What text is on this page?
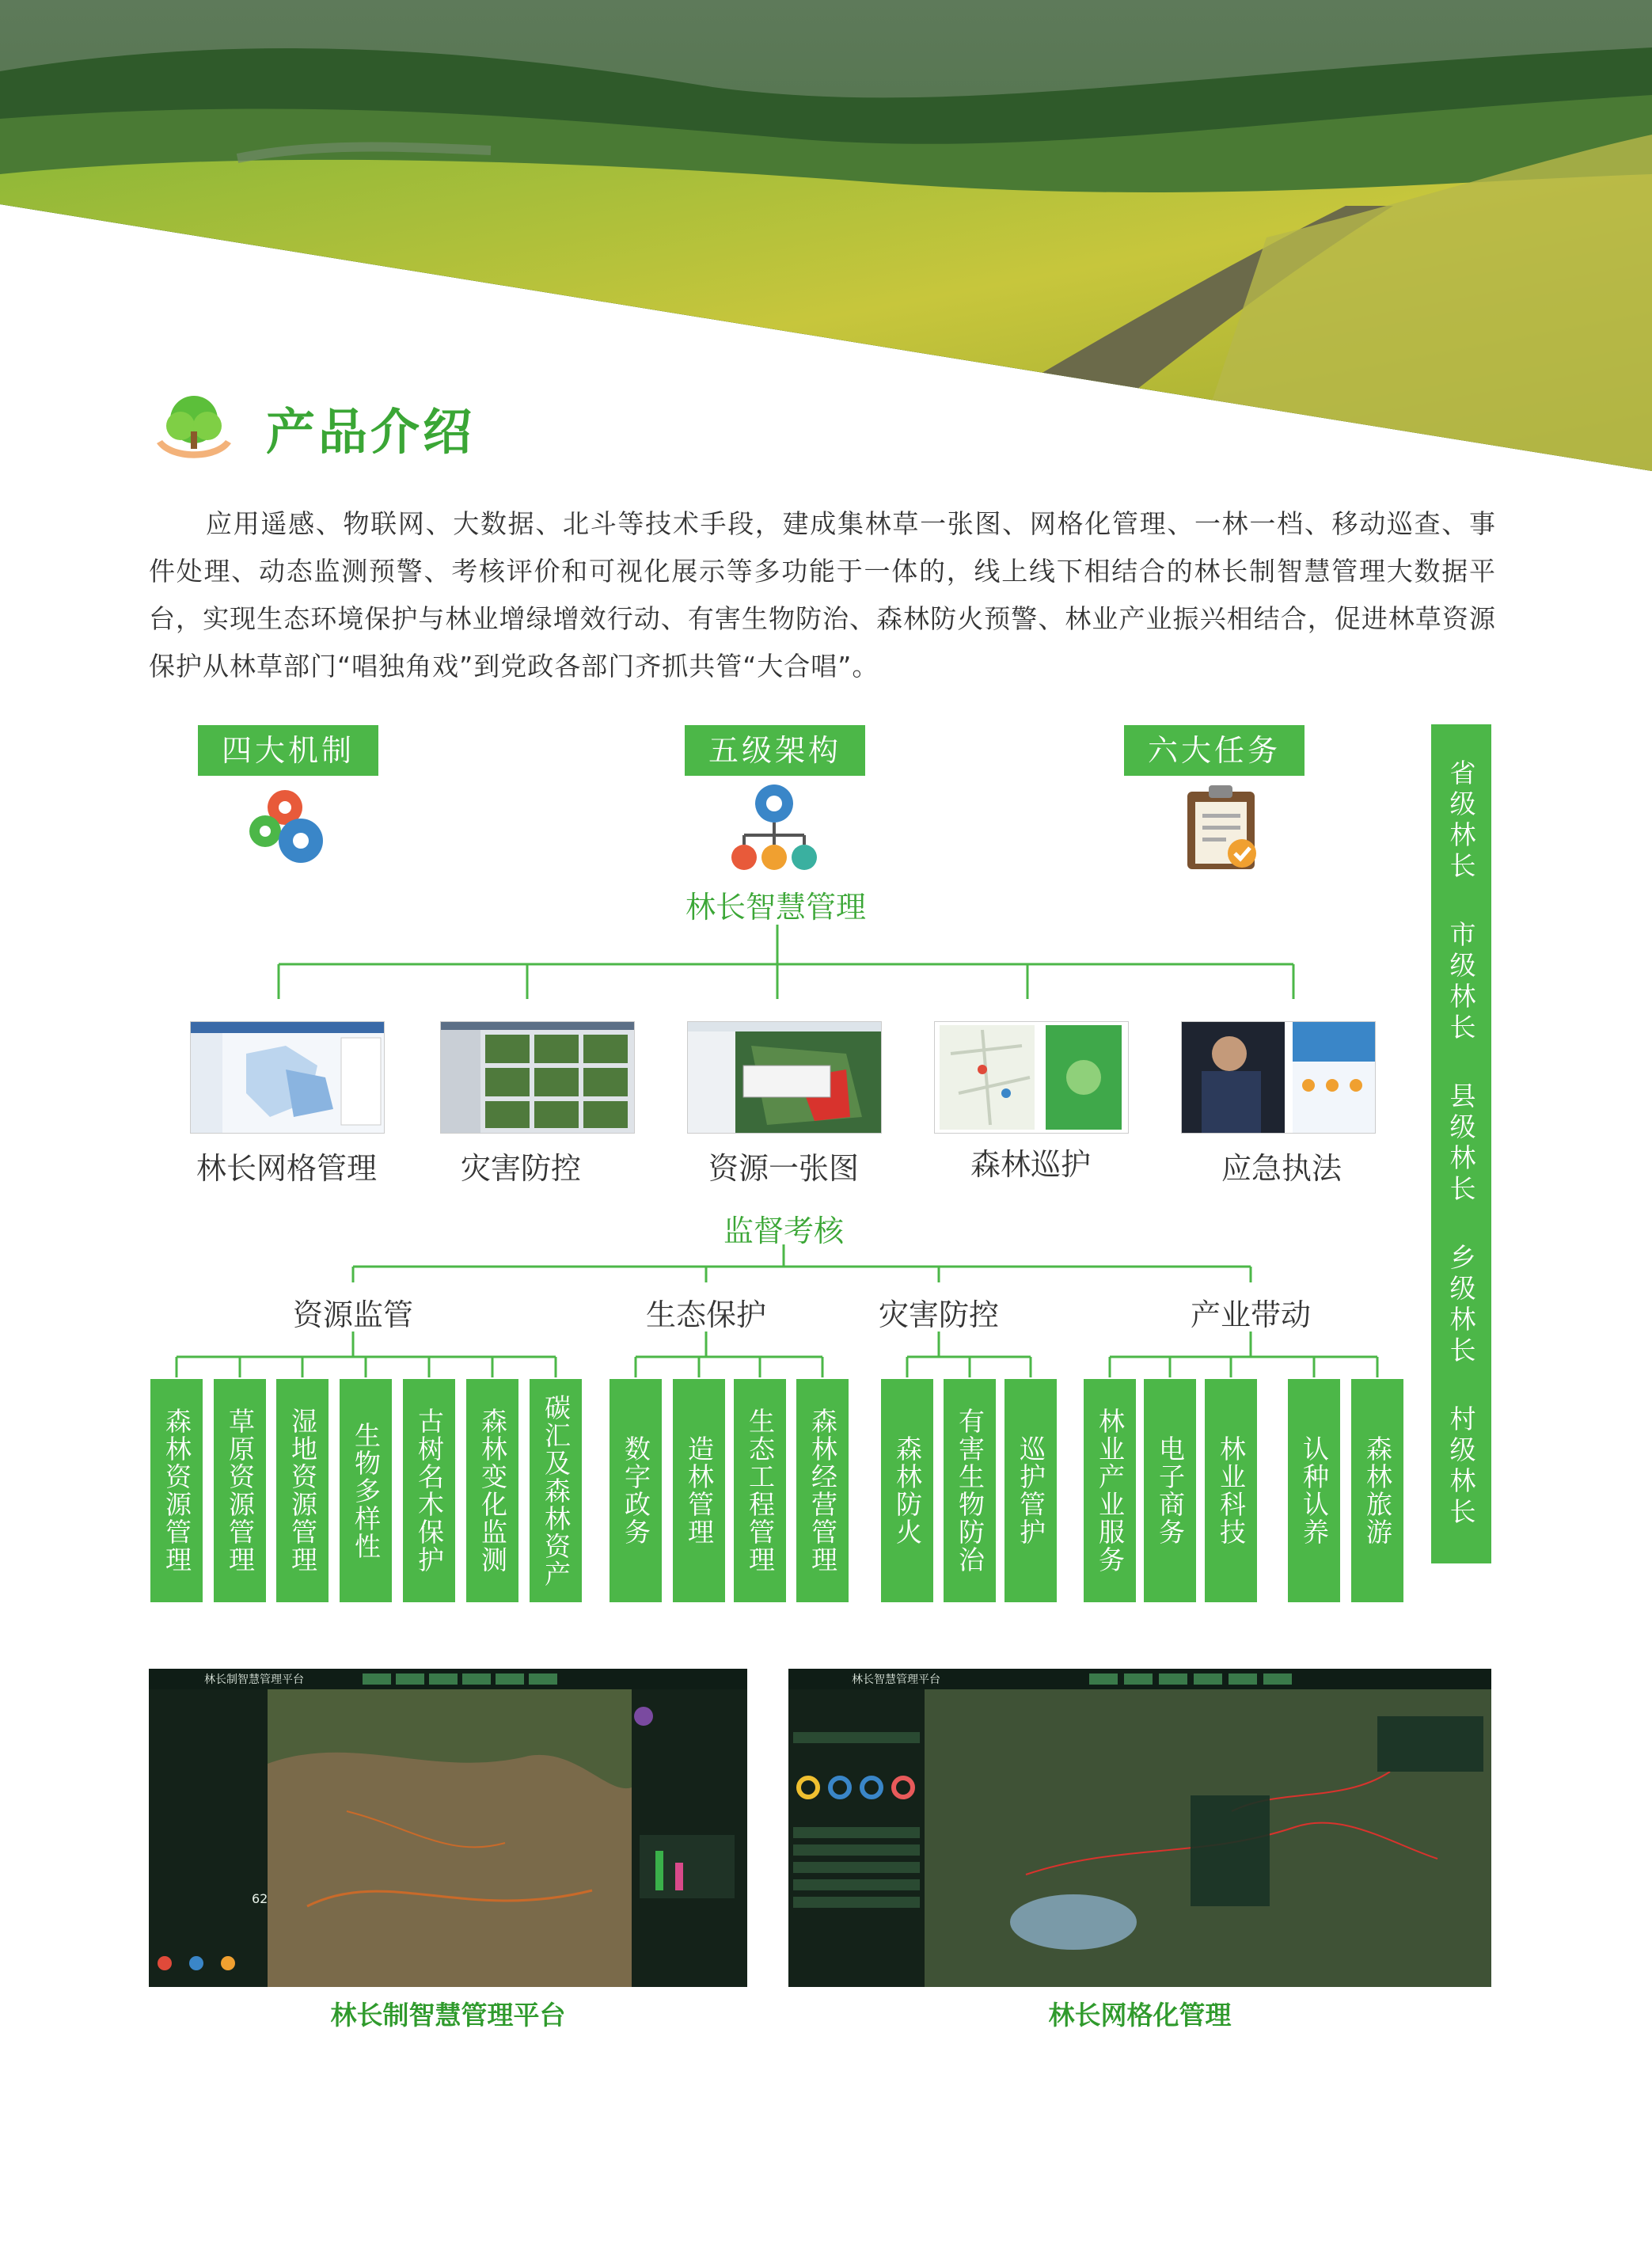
产品介绍
应用遥感、物联网、大数据、北斗等技术手段，建成集林草一张图、网格化管理、一林一档、移动巡查、事件处理、动态监测预警、考核评价和可视化展示等多功能于一体的，线上线下相结合的林长制智慧管理大数据平台，实现生态环境保护与林业增绿增效行动、有害生物防治、森林防火预警、林业产业振兴相结合，促进林草资源保护从林草部门“唱独角戏”到党政各部门齐抓共管“大合唱”。
四大机制	五级架构	六大任务
林长智慧管理
林长网格管理	灾害防控	资源一张图	森林巡护	应急执法
监督考核
资源监管	生态保护	灾害防控	产业带动
森林资源管理	草原资源管理	湿地资源管理	生物多样性	古树名木保护	森林变化监测	碳汇及森林资产	数字政务	造林管理	生态工程管理	森林经营管理	森林防火	有害生物防治	巡护管护	林业产业服务	电子商务	林业科技	认种认养	森林旅游
省级林长
市级林长
县级林长
乡级林长
村级林长
林长制智慧管理平台
62
林长制智慧管理平台
林长智慧管理平台
林长网格化管理
